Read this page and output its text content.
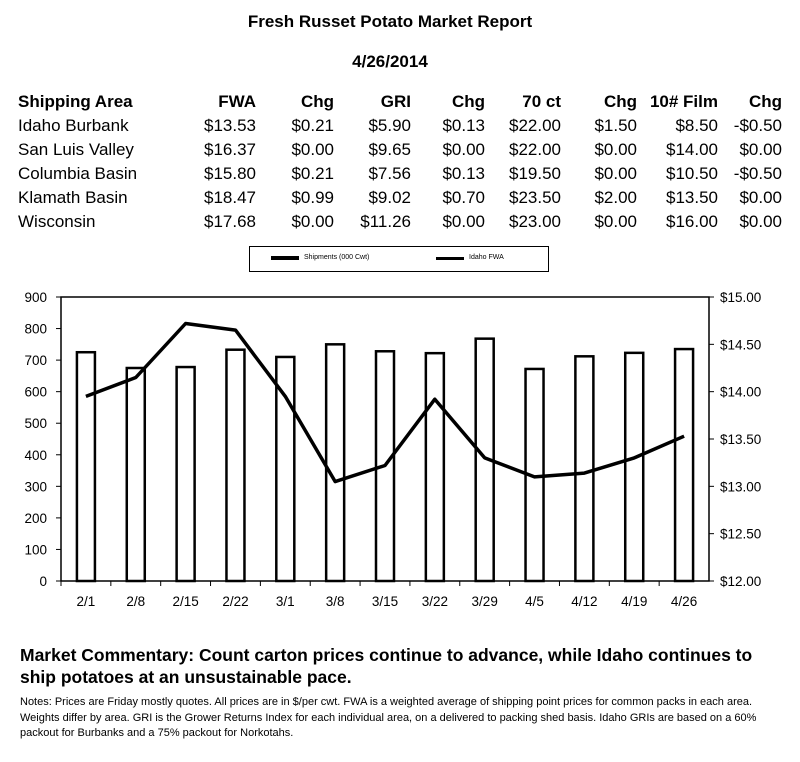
Fresh Russet Potato Market Report
4/26/2014
Shipping Area	FWA	Chg	GRI	Chg	70 ct	Chg	10# Film	Chg
Idaho Burbank	$13.53	$0.21	$5.90	$0.13	$22.00	$1.50	$8.50	-$0.50
San Luis Valley	$16.37	$0.00	$9.65	$0.00	$22.00	$0.00	$14.00	$0.00
Columbia Basin	$15.80	$0.21	$7.56	$0.13	$19.50	$0.00	$10.50	-$0.50
Klamath Basin	$18.47	$0.99	$9.02	$0.70	$23.50	$2.00	$13.50	$0.00
Wisconsin	$17.68	$0.00	$11.26	$0.00	$23.00	$0.00	$16.00	$0.00
Shipments (000 Cwt)	Idaho FWA
900
800
700
600
500
400
300
200
100
0
$15.00
$14.50
$14.00
$13.50
$13.00
$12.50
$12.00
2/1 2/8 2/15 2/22 3/1 3/8 3/15 3/22 3/29 4/5 4/12 4/19 4/26
Market Commentary: Count carton prices continue to advance, while Idaho continues to ship potatoes at an unsustainable pace.
Notes: Prices are Friday mostly quotes. All prices are in $/per cwt. FWA is a weighted average of shipping point prices for common packs in each area. Weights differ by area. GRI is the Grower Returns Index for each individual area, on a delivered to packing shed basis. Idaho GRIs are based on a 60% packout for Burbanks and a 75% packout for Norkotahs.
